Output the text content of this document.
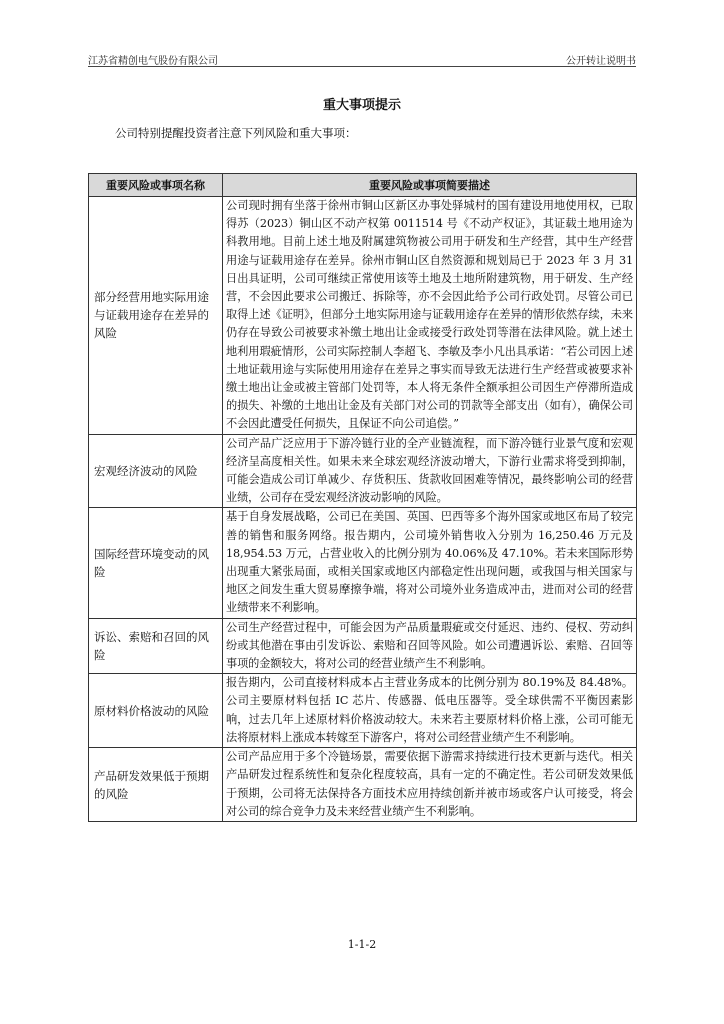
江苏省精创电气股份有限公司	公开转让说明书
重大事项提示
公司特别提醒投资者注意下列风险和重大事项：
重要风险或事项名称	重要风险或事项简要描述
部分经营用地实际用途与证载用途存在差异的风险	公司现时拥有坐落于徐州市铜山区新区办事处驿城村的国有建设用地使用权，已取得苏（2023）铜山区不动产权第 0011514 号《不动产权证》，其证载土地用途为科教用地。目前上述土地及附属建筑物被公司用于研发和生产经营，其中生产经营用途与证载用途存在差异。徐州市铜山区自然资源和规划局已于 2023 年 3 月 31 日出具证明，公司可继续正常使用该等土地及土地所附建筑物，用于研发、生产经营，不会因此要求公司搬迁、拆除等，亦不会因此给予公司行政处罚。尽管公司已取得上述《证明》，但部分土地实际用途与证载用途存在差异的情形依然存续，未来仍存在导致公司被要求补缴土地出让金或接受行政处罚等潜在法律风险。就上述土地利用瑕疵情形，公司实际控制人李超飞、李敏及李小凡出具承诺：“若公司因上述土地证载用途与实际使用用途存在差异之事实而导致无法进行生产经营或被要求补缴土地出让金或被主管部门处罚等，本人将无条件全额承担公司因生产停滞所造成的损失、补缴的土地出让金及有关部门对公司的罚款等全部支出（如有），确保公司不会因此遭受任何损失，且保证不向公司追偿。”
宏观经济波动的风险	公司产品广泛应用于下游冷链行业的全产业链流程，而下游冷链行业景气度和宏观经济呈高度相关性。如果未来全球宏观经济波动增大，下游行业需求将受到抑制，可能会造成公司订单减少、存货积压、货款收回困难等情况，最终影响公司的经营业绩，公司存在受宏观经济波动影响的风险。
国际经营环境变动的风险	基于自身发展战略，公司已在美国、英国、巴西等多个海外国家或地区布局了较完善的销售和服务网络。报告期内，公司境外销售收入分别为 16,250.46 万元及 18,954.53 万元，占营业收入的比例分别为 40.06%及 47.10%。若未来国际形势出现重大紧张局面，或相关国家或地区内部稳定性出现问题，或我国与相关国家与地区之间发生重大贸易摩擦争端，将对公司境外业务造成冲击，进而对公司的经营业绩带来不利影响。
诉讼、索赔和召回的风险	公司生产经营过程中，可能会因为产品质量瑕疵或交付延迟、违约、侵权、劳动纠纷或其他潜在事由引发诉讼、索赔和召回等风险。如公司遭遇诉讼、索赔、召回等事项的金额较大，将对公司的经营业绩产生不利影响。
原材料价格波动的风险	报告期内，公司直接材料成本占主营业务成本的比例分别为 80.19%及 84.48%。公司主要原材料包括 IC 芯片、传感器、低电压器等。受全球供需不平衡因素影响，过去几年上述原材料价格波动较大。未来若主要原材料价格上涨，公司可能无法将原材料上涨成本转嫁至下游客户，将对公司经营业绩产生不利影响。
产品研发效果低于预期的风险	公司产品应用于多个冷链场景，需要依据下游需求持续进行技术更新与迭代。相关产品研发过程系统性和复杂化程度较高，具有一定的不确定性。若公司研发效果低于预期，公司将无法保持各方面技术应用持续创新并被市场或客户认可接受，将会对公司的综合竞争力及未来经营业绩产生不利影响。
1-1-2
